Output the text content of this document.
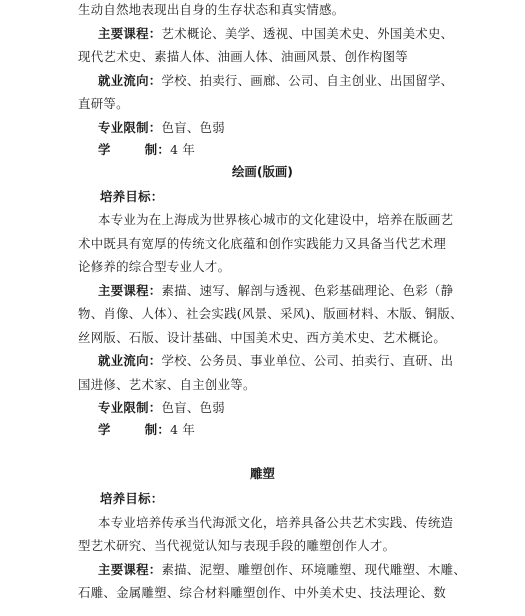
生动自然地表现出自身的生存状态和真实情感。
主要课程：艺术概论、美学、透视、中国美术史、外国美术史、
现代艺术史、素描人体、油画人体、油画风景、创作构图等
就业流向：学校、拍卖行、画廊、公司、自主创业、出国留学、
直研等。
专业限制：色盲、色弱
学	制：4 年
绘画(版画)
培养目标：
本专业为在上海成为世界核心城市的文化建设中，培养在版画艺
术中既具有宽厚的传统文化底蕴和创作实践能力又具备当代艺术理
论修养的综合型专业人才。
主要课程：素描、速写、解剖与透视、色彩基础理论、色彩（静
物、肖像、人体）、社会实践(风景、采风)、版画材料、木版、铜版、
丝网版、石版、设计基础、中国美术史、西方美术史、艺术概论。
就业流向：学校、公务员、事业单位、公司、拍卖行、直研、出
国进修、艺术家、自主创业等。
专业限制：色盲、色弱
学	制：4 年
雕塑
培养目标：
本专业培养传承当代海派文化，培养具备公共艺术实践、传统造
型艺术研究、当代视觉认知与表现手段的雕塑创作人才。
主要课程：素描、泥塑、雕塑创作、环境雕塑、现代雕塑、木雕、
石雕、金属雕塑、综合材料雕塑创作、中外美术史、技法理论、数
